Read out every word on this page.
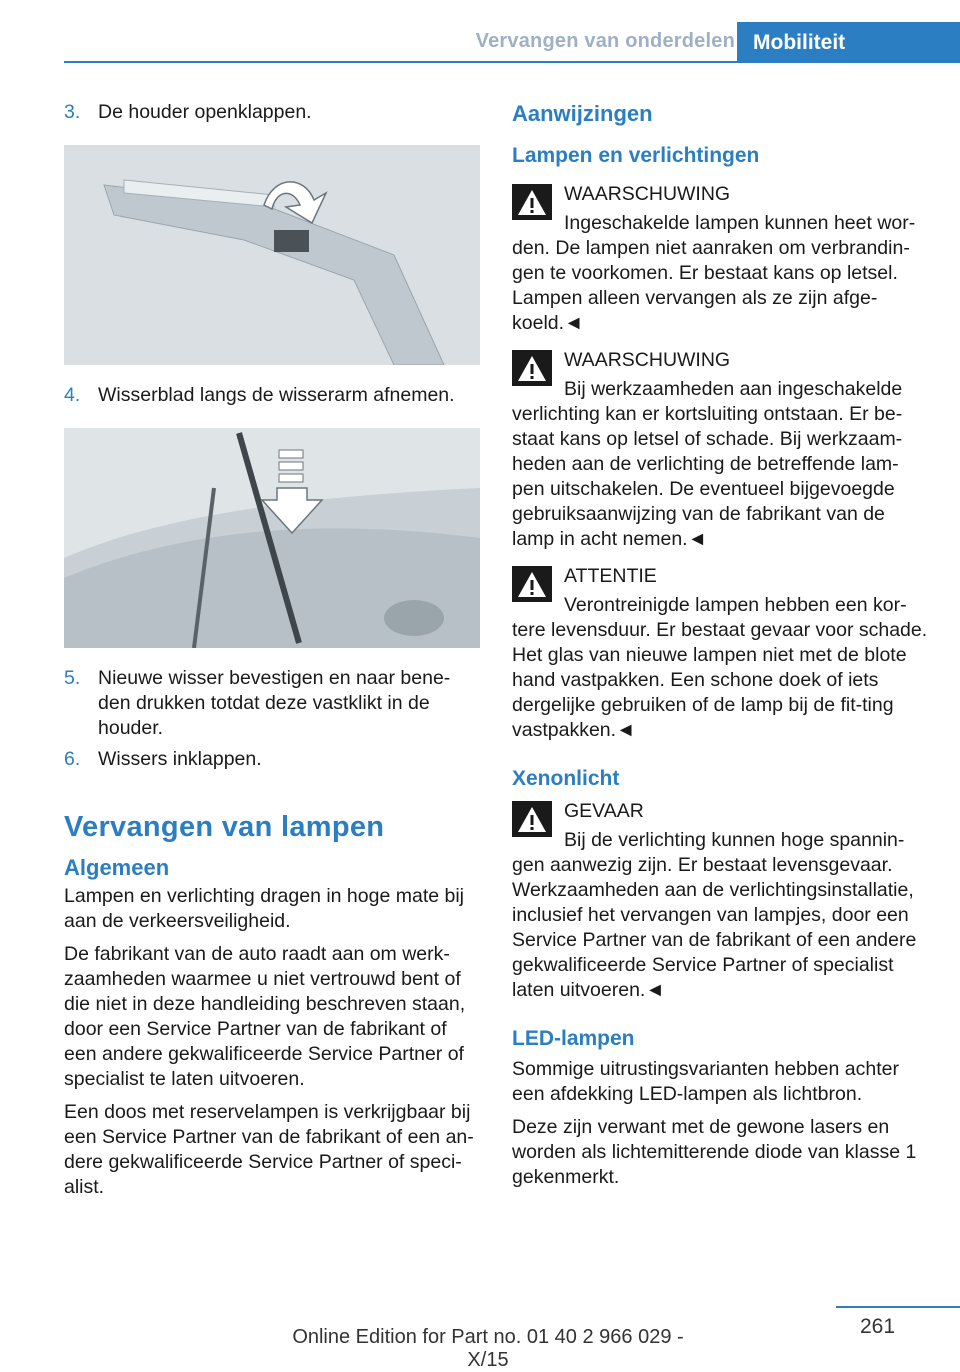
Vervangen van onderdelen Mobiliteit
3. De houder openklappen.
4. Wisserblad langs de wisserarm afnemen.
5. Nieuwe wisser bevestigen en naar bene-den drukken totdat deze vastklikt in de houder.
6. Wissers inklappen.
Vervangen van lampen
Algemeen

Lampen en verlichting dragen in hoge mate bij aan de verkeersveiligheid.

De fabrikant van de auto raadt aan om werk-zaamheden waarmee u niet vertrouwd bent of die niet in deze handleiding beschreven staan, door een Service Partner van de fabrikant of een andere gekwalificeerde Service Partner of specialist te laten uitvoeren.

Een doos met reservelampen is verkrijgbaar bij een Service Partner van de fabrikant of een an-dere gekwalificeerde Service Partner of speci-alist.

Aanwijzingen
Lampen en verlichtingen
WAARSCHUWING
Ingeschakelde lampen kunnen heet wor-den. De lampen niet aanraken om verbrandin-gen te voorkomen. Er bestaat kans op letsel. Lampen alleen vervangen als ze zijn afge-koeld.◄
WAARSCHUWING
Bij werkzaamheden aan ingeschakelde verlichting kan er kortsluiting ontstaan. Er be-staat kans op letsel of schade. Bij werkzaam-heden aan de verlichting de betreffende lam-pen uitschakelen. De eventueel bijgevoegde gebruiksaanwijzing van de fabrikant van de lamp in acht nemen.◄
ATTENTIE
Verontreinigde lampen hebben een kor-tere levensduur. Er bestaat gevaar voor schade. Het glas van nieuwe lampen niet met de blote hand vastpakken. Een schone doek of iets dergelijke gebruiken of de lamp bij de fit-ting vastpakken.◄
Xenonlicht
GEVAAR
Bij de verlichting kunnen hoge spannin-gen aanwezig zijn. Er bestaat levensgevaar. Werkzaamheden aan de verlichtingsinstallatie, inclusief het vervangen van lampjes, door een Service Partner van de fabrikant of een andere gekwalificeerde Service Partner of specialist laten uitvoeren.◄
LED-lampen

Sommige uitrustingsvarianten hebben achter een afdekking LED-lampen als lichtbron.

Deze zijn verwant met de gewone lasers en worden als lichtemitterende diode van klasse 1 gekenmerkt.

261
Online Edition for Part no. 01 40 2 966 029 - X/15
